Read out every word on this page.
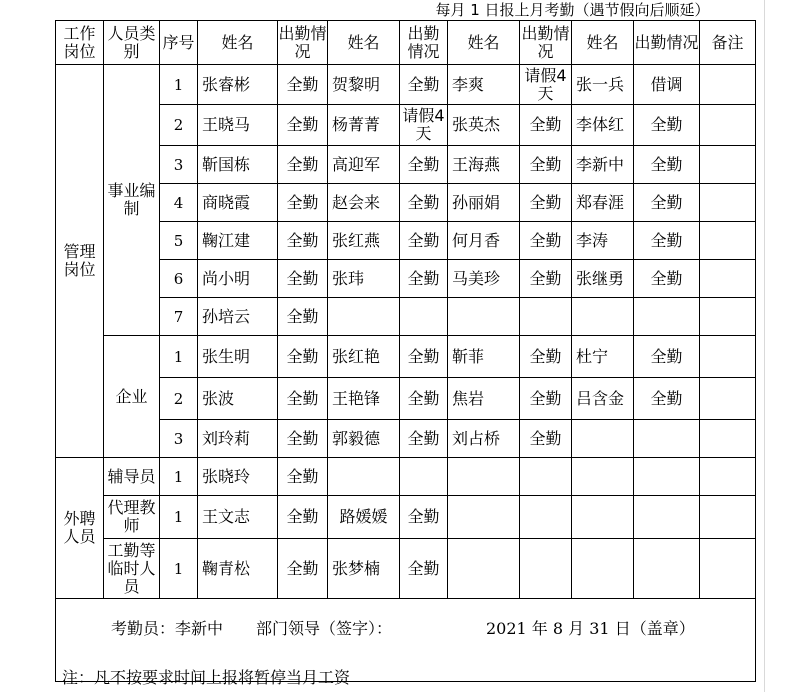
每月 1 日报上月考勤（遇节假向后顺延）
工作岗位	人员类别	序号	姓名	出勤情况	姓名	出勤情况	姓名	出勤情况	姓名	出勤情况	备注
管理岗位	事业编制	1	张睿彬	全勤	贺黎明	全勤	李爽	请假4天	张一兵	借调	
		2	王晓马	全勤	杨菁菁	请假4天	张英杰	全勤	李体红	全勤	
		3	靳国栋	全勤	高迎军	全勤	王海燕	全勤	李新中	全勤	
		4	商晓霞	全勤	赵会来	全勤	孙丽娟	全勤	郑春涯	全勤	
		5	鞠江建	全勤	张红燕	全勤	何月香	全勤	李涛	全勤	
		6	尚小明	全勤	张玮	全勤	马美珍	全勤	张继勇	全勤	
		7	孙培云	全勤							
	企业	1	张生明	全勤	张红艳	全勤	靳菲	全勤	杜宁	全勤	
		2	张波	全勤	王艳锋	全勤	焦岩	全勤	吕含金	全勤	
		3	刘玲莉	全勤	郭毅德	全勤	刘占桥	全勤			
外聘人员	辅导员	1	张晓玲	全勤							
	代理教师	1	王文志	全勤	路媛媛	全勤					
	工勤等临时人员	1	鞠青松	全勤	张梦楠	全勤					

考勤员：李新中 部门领导（签字）： 2021 年 8 月 31 日（盖章）											
注：凡不按要求时间上报将暂停当月工资
